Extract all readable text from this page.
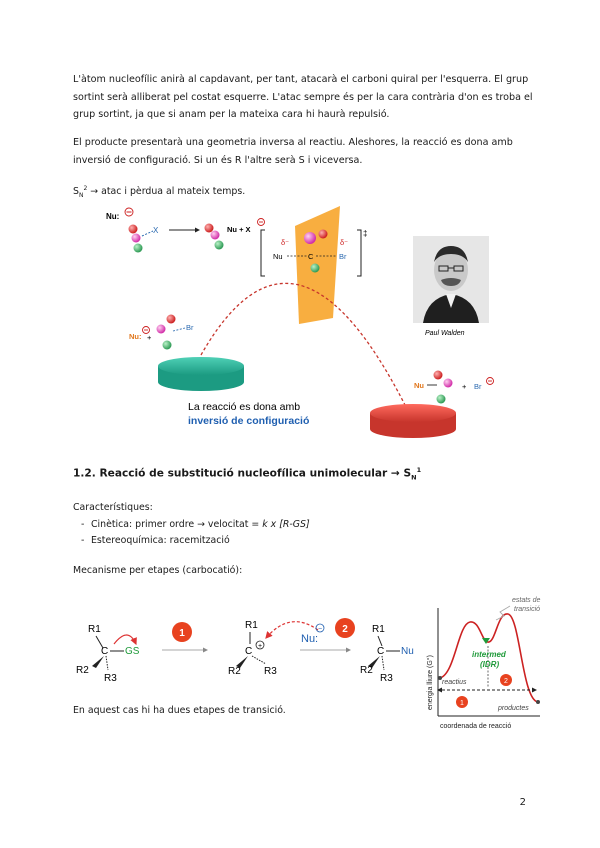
L'àtom nucleofílic anirà al capdavant, per tant, atacarà el carboni quiral per l'esquerra. El grup sortint serà alliberat pel costat esquerre. L'atac sempre és per la cara contrària d'on es troba el grup sortint, ja que si anam per la mateixa cara hi haurà repulsió.
El producte presentarà una geometria inversa al reactiu. Aleshores, la reacció es dona amb inversió de configuració. Si un és R l'altre serà S i viceversa.
$S_N^2$ → atac i pèrdua al mateix temps.
Nu:
X	Nu + X	‡
δ⁻	δ⁻
Nu	C	Br
Nu: +
Br
Nu	+ Br
La reacció es dona amb
inversió de configuració
Paul Walden
1.2. Reacció de substitució nucleofílica unimolecular → $S_N^1$
Característiques:
- Cinètica: primer ordre → velocitat = k x [R-GS]
- Estereoquímica: racemització
Mecanisme per etapes (carbocatió):
R1
C GS
R2
R3
1
R1
C +
R2 R3
Nu:
− 2 R1
C Nu
R2
R3
1
2
estats de
transició
intermed
(IDR)
reactius
productes
energia lliure (G°)
coordenada de reacció
En aquest cas hi ha dues etapes de transició.
2
